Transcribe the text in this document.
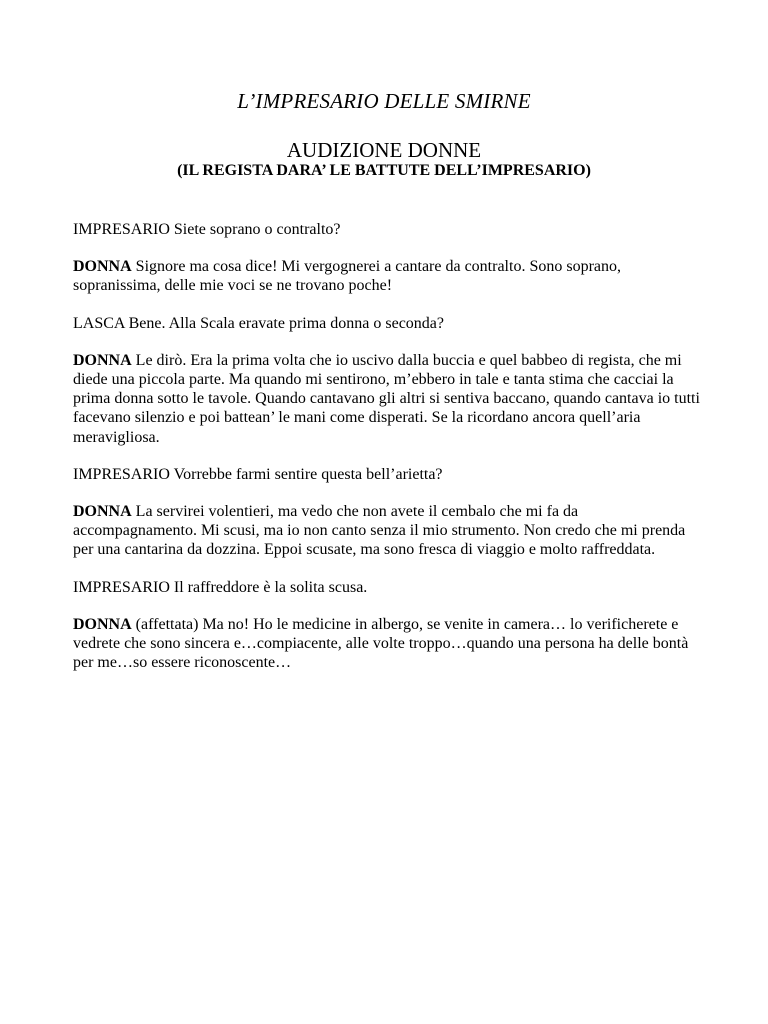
L’IMPRESARIO DELLE SMIRNE
AUDIZIONE DONNE
(IL REGISTA DARA’ LE BATTUTE DELL’IMPRESARIO)

IMPRESARIO Siete soprano o contralto?

DONNA Signore ma cosa dice! Mi vergognerei a cantare da contralto. Sono soprano, sopranissima, delle mie voci se ne trovano poche!

LASCA Bene. Alla Scala eravate prima donna o seconda?

DONNA Le dirò. Era la prima volta che io uscivo dalla buccia e quel babbeo di regista, che mi diede una piccola parte. Ma quando mi sentirono, m’ebbero in tale e tanta stima che cacciai la prima donna sotto le tavole. Quando cantavano gli altri si sentiva baccano, quando cantava io tutti facevano silenzio e poi battean’ le mani come disperati. Se la ricordano ancora quell’aria meravigliosa.

IMPRESARIO Vorrebbe farmi sentire questa bell’arietta?

DONNA La servirei volentieri, ma vedo che non avete il cembalo che mi fa da accompagnamento. Mi scusi, ma io non canto senza il mio strumento. Non credo che mi prenda per una cantarina da dozzina. Eppoi scusate, ma sono fresca di viaggio e molto raffreddata.

IMPRESARIO Il raffreddore è la solita scusa.

DONNA (affettata) Ma no! Ho le medicine in albergo, se venite in camera… lo verificherete e vedrete che sono sincera e…compiacente, alle volte troppo…quando una persona ha delle bontà per me…so essere riconoscente…
